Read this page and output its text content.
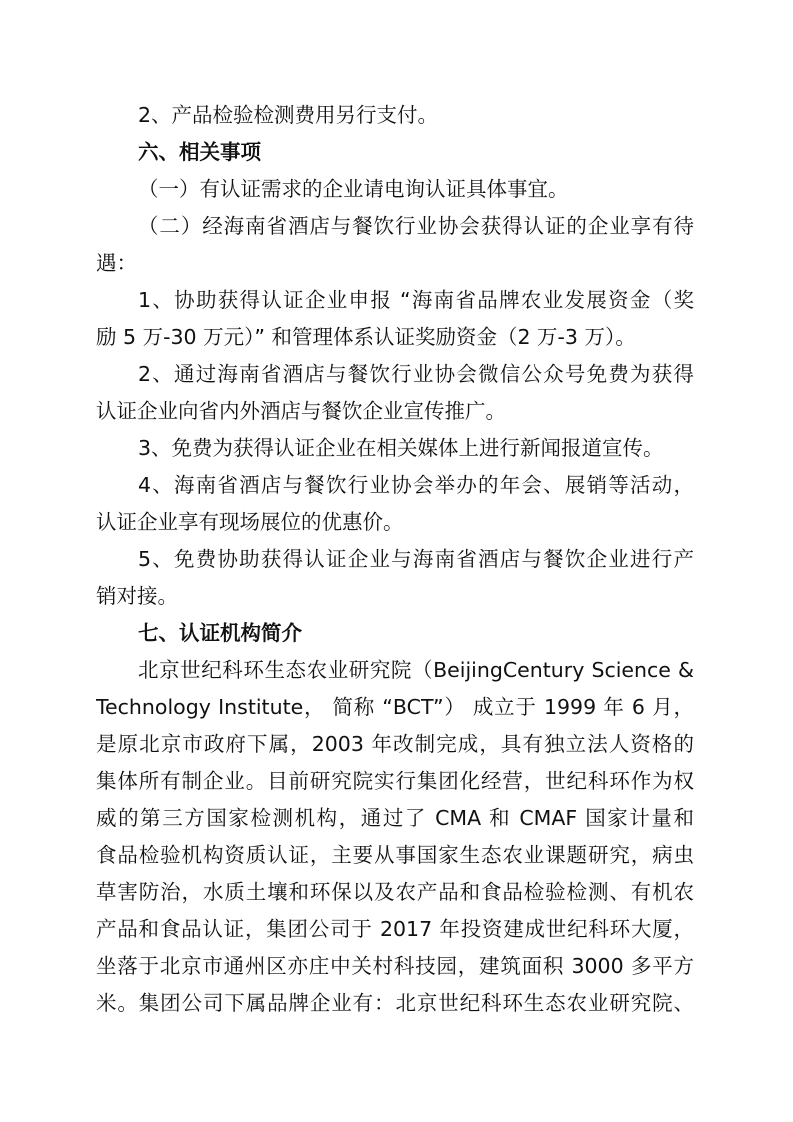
2、产品检验检测费用另行支付。
六、相关事项
（一）有认证需求的企业请电询认证具体事宜。
（二）经海南省酒店与餐饮行业协会获得认证的企业享有待
遇：
1、协助获得认证企业申报 “海南省品牌农业发展资金（奖
励 5 万-30 万元）” 和管理体系认证奖励资金（2 万-3 万）。
2、通过海南省酒店与餐饮行业协会微信公众号免费为获得
认证企业向省内外酒店与餐饮企业宣传推广。
3、免费为获得认证企业在相关媒体上进行新闻报道宣传。
4、海南省酒店与餐饮行业协会举办的年会、展销等活动，
认证企业享有现场展位的优惠价。
5、免费协助获得认证企业与海南省酒店与餐饮企业进行产
销对接。
七、认证机构简介
北京世纪科环生态农业研究院（BeijingCentury Science &
Technology Institute， 简称 “BCT”） 成立于 1999 年 6 月，
是原北京市政府下属，2003 年改制完成，具有独立法人资格的
集体所有制企业。目前研究院实行集团化经营，世纪科环作为权
威的第三方国家检测机构，通过了 CMA 和 CMAF 国家计量和
食品检验机构资质认证，主要从事国家生态农业课题研究，病虫
草害防治，水质土壤和环保以及农产品和食品检验检测、有机农
产品和食品认证，集团公司于 2017 年投资建成世纪科环大厦，
坐落于北京市通州区亦庄中关村科技园，建筑面积 3000 多平方
米。集团公司下属品牌企业有：北京世纪科环生态农业研究院、
